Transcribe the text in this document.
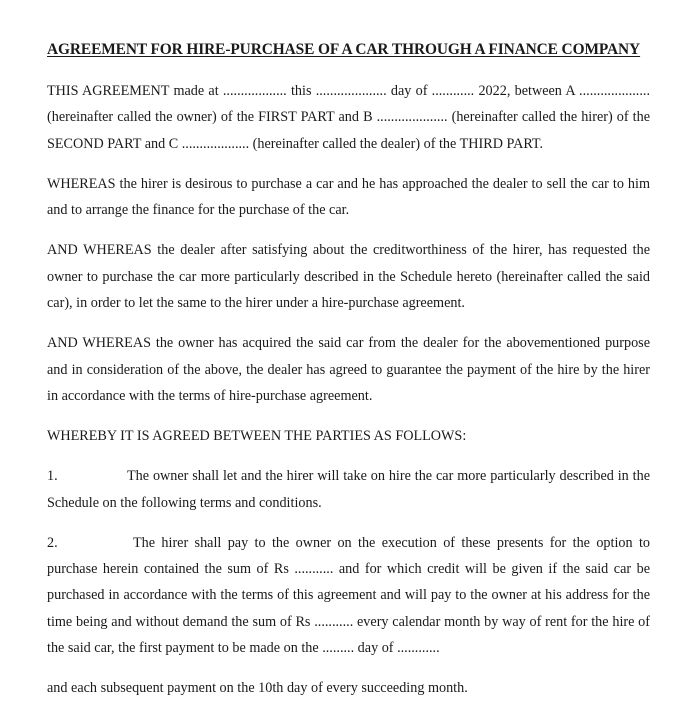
AGREEMENT FOR HIRE-PURCHASE OF A CAR THROUGH A FINANCE COMPANY

THIS AGREEMENT made at .................. this .................... day of ............ 2022, between A .................... (hereinafter called the owner) of the FIRST PART and B .................... (hereinafter called the hirer) of the SECOND PART and C ................... (hereinafter called the dealer) of the THIRD PART.

WHEREAS the hirer is desirous to purchase a car and he has approached the dealer to sell the car to him and to arrange the finance for the purchase of the car.

AND WHEREAS the dealer after satisfying about the creditworthiness of the hirer, has requested the owner to purchase the car more particularly described in the Schedule hereto (hereinafter called the said car), in order to let the same to the hirer under a hire-purchase agreement.

AND WHEREAS the owner has acquired the said car from the dealer for the abovementioned purpose and in consideration of the above, the dealer has agreed to guarantee the payment of the hire by the hirer in accordance with the terms of hire-purchase agreement.

WHEREBY IT IS AGREED BETWEEN THE PARTIES AS FOLLOWS:

1.	The owner shall let and the hirer will take on hire the car more particularly described in the Schedule on the following terms and conditions.

2.	The hirer shall pay to the owner on the execution of these presents for the option to purchase herein contained the sum of Rs ........... and for which credit will be given if the said car be purchased in accordance with the terms of this agreement and will pay to the owner at his address for the time being and without demand the sum of Rs ........... every calendar month by way of rent for the hire of the said car, the first payment to be made on the ......... day of ............

and each subsequent payment on the 10th day of every succeeding month.
